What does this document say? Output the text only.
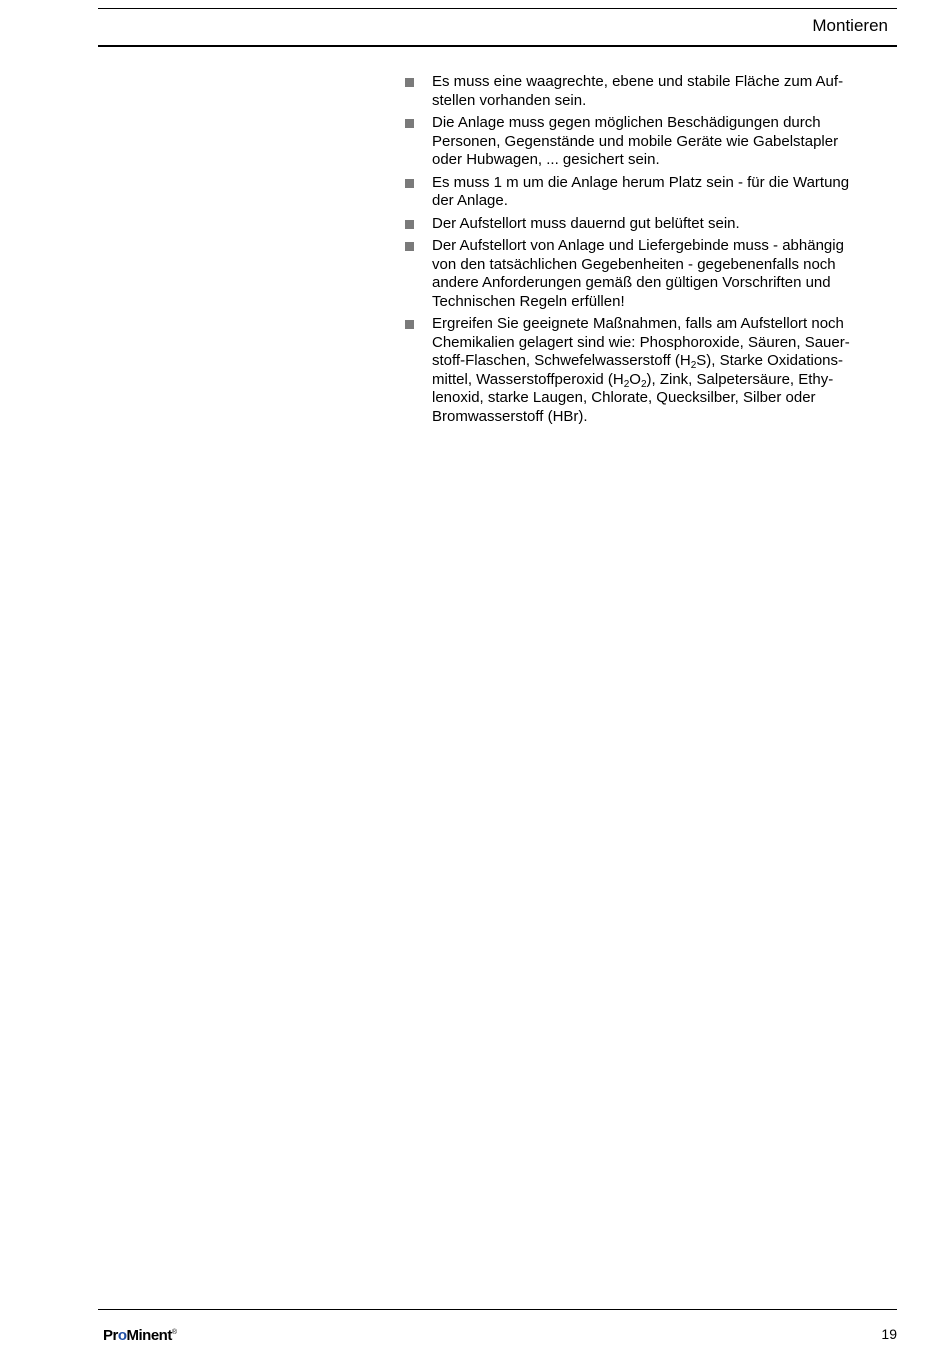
Montieren
Es muss eine waagrechte, ebene und stabile Fläche zum Auf-
stellen vorhanden sein.
Die Anlage muss gegen möglichen Beschädigungen durch
Personen, Gegenstände und mobile Geräte wie Gabelstapler
oder Hubwagen, ... gesichert sein.
Es muss 1 m um die Anlage herum Platz sein - für die Wartung
der Anlage.
Der Aufstellort muss dauernd gut belüftet sein.
Der Aufstellort von Anlage und Liefergebinde muss - abhängig
von den tatsächlichen Gegebenheiten - gegebenenfalls noch
andere Anforderungen gemäß den gültigen Vorschriften und
Technischen Regeln erfüllen!
Ergreifen Sie geeignete Maßnahmen, falls am Aufstellort noch
Chemikalien gelagert sind wie: Phosphoroxide, Säuren, Sauer-
stoff-Flaschen, Schwefelwasserstoff $(H_2S)$, Starke Oxidations-
mittel, Wasserstoffperoxid $(H_2O_2)$, Zink, Salpetersäure, Ethy-
lenoxid, starke Laugen, Chlorate, Quecksilber, Silber oder
Bromwasserstoff (HBr).
ProMinent®	19
